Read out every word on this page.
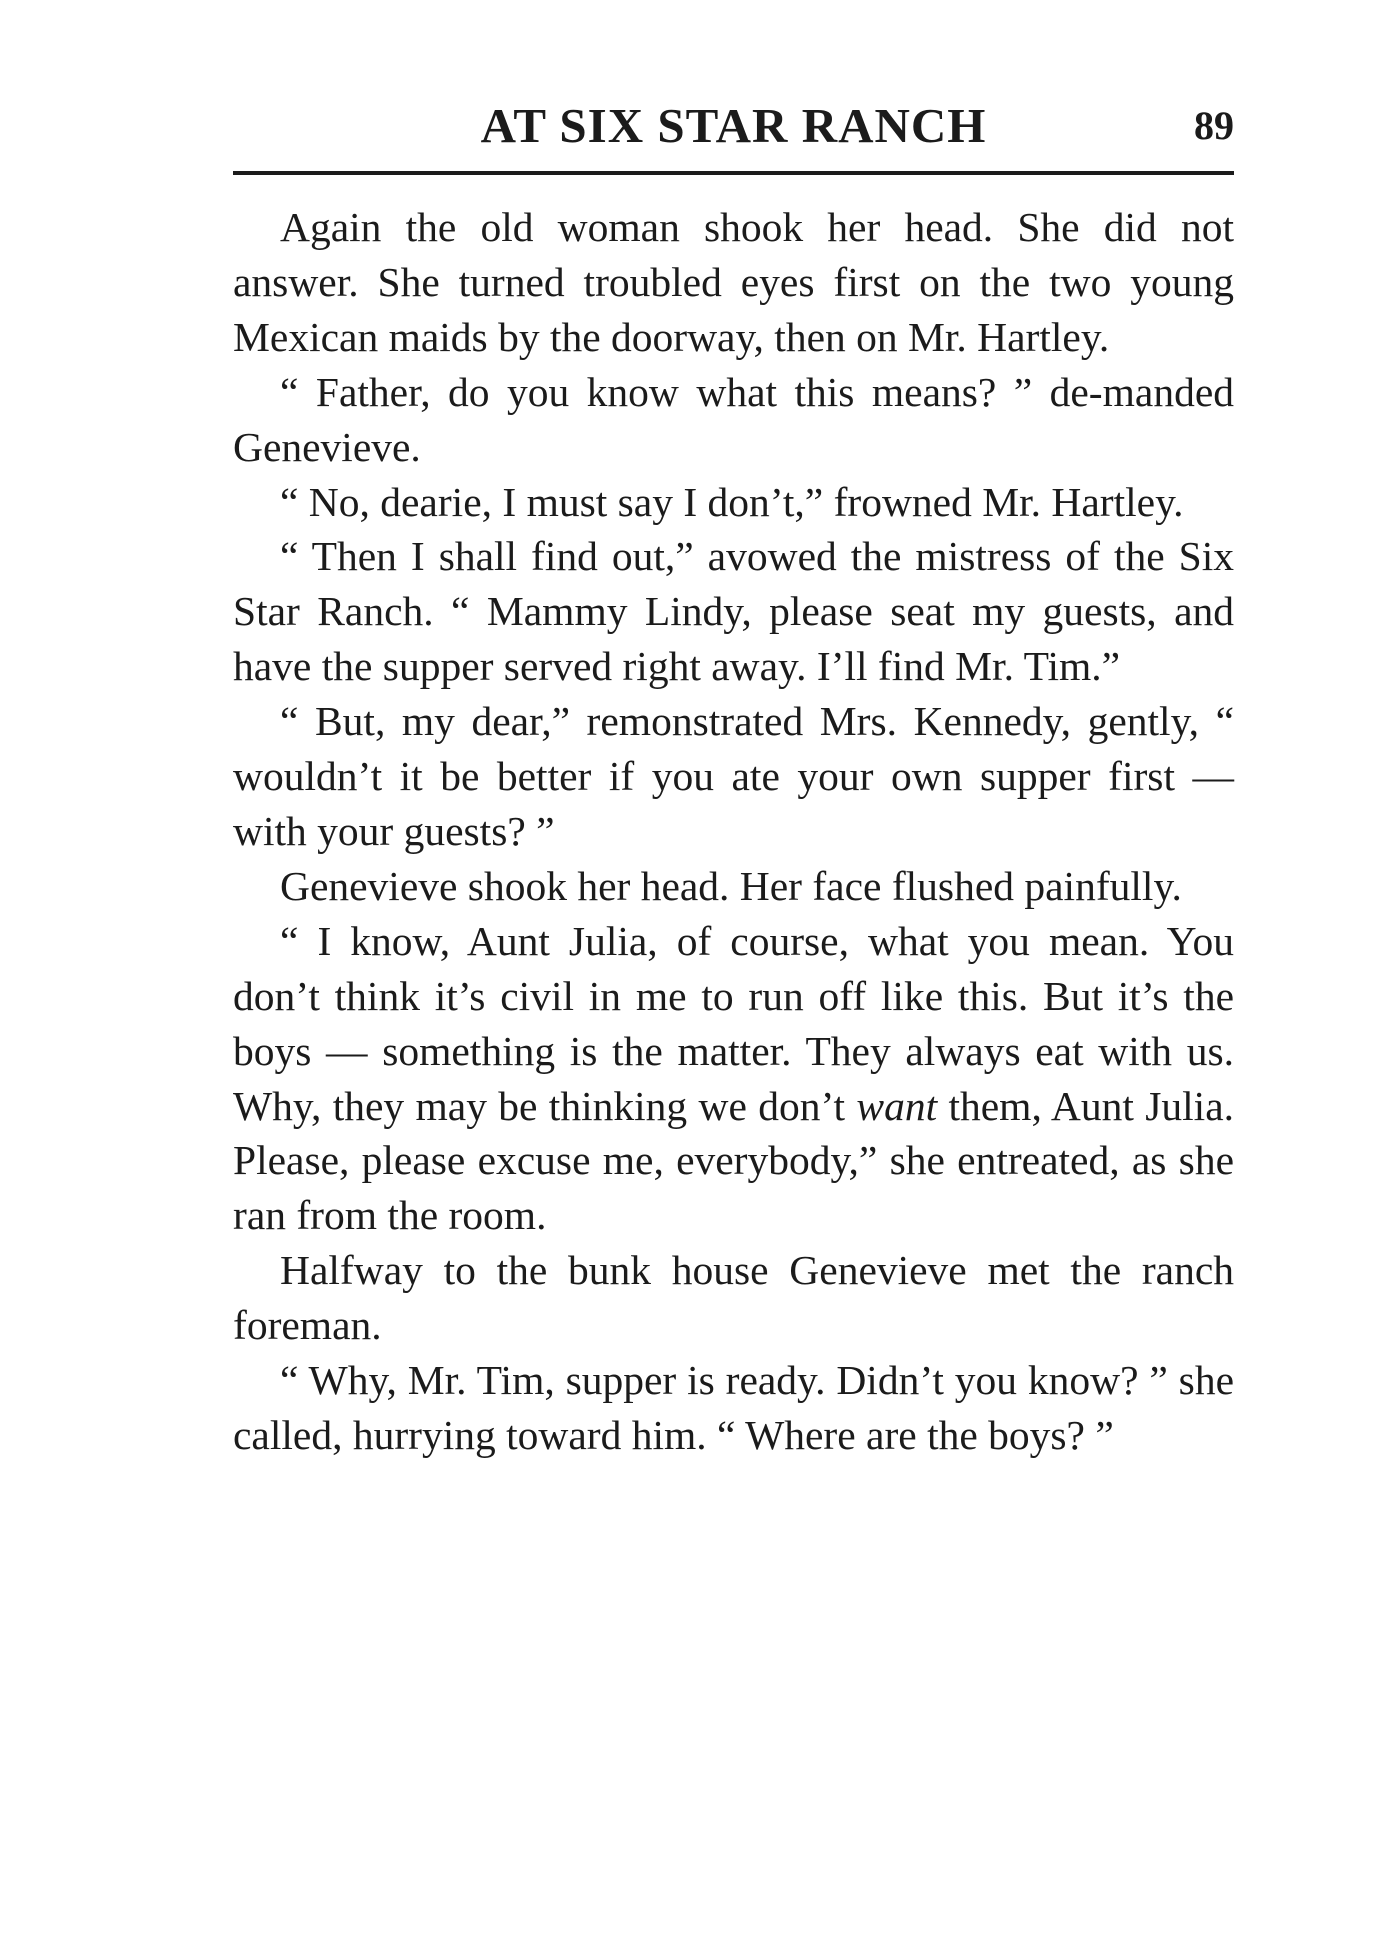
AT SIX STAR RANCH	89

Again the old woman shook her head. She did not answer. She turned troubled eyes first on the two young Mexican maids by the doorway, then on Mr. Hartley.

“ Father, do you know what this means? ” de-manded Genevieve.

“ No, dearie, I must say I don’t,” frowned Mr. Hartley.

“ Then I shall find out,” avowed the mistress of the Six Star Ranch. “ Mammy Lindy, please seat my guests, and have the supper served right away. I’ll find Mr. Tim.”

“ But, my dear,” remonstrated Mrs. Kennedy, gently, “ wouldn’t it be better if you ate your own supper first — with your guests? ”

Genevieve shook her head. Her face flushed painfully.

“ I know, Aunt Julia, of course, what you mean. You don’t think it’s civil in me to run off like this. But it’s the boys — something is the matter. They always eat with us. Why, they may be thinking we don’t want them, Aunt Julia. Please, please excuse me, everybody,” she entreated, as she ran from the room.

Halfway to the bunk house Genevieve met the ranch foreman.

“ Why, Mr. Tim, supper is ready. Didn’t you know? ” she called, hurrying toward him. “ Where are the boys? ”
